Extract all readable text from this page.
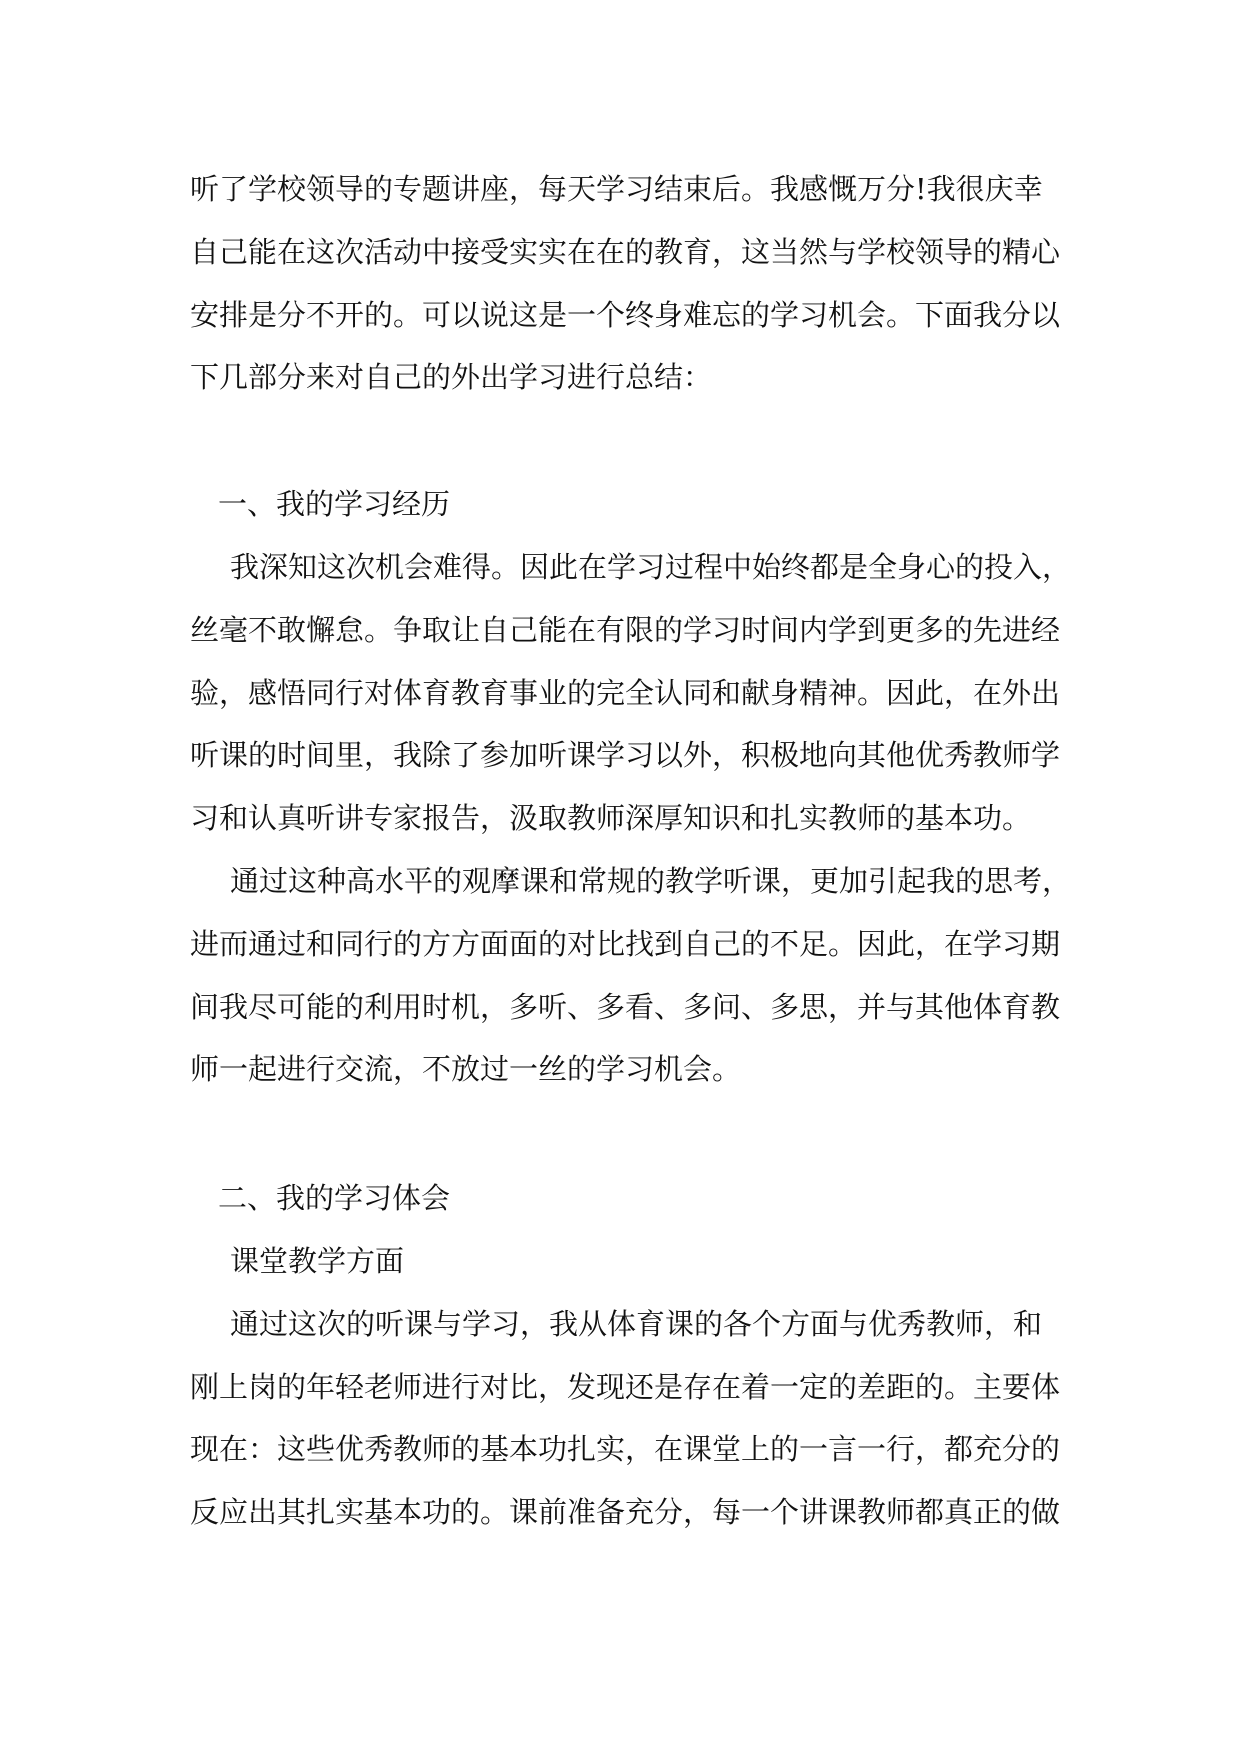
听了学校领导的专题讲座，每天学习结束后。我感慨万分!我很庆幸
自己能在这次活动中接受实实在在的教育，这当然与学校领导的精心
安排是分不开的。可以说这是一个终身难忘的学习机会。下面我分以
下几部分来对自己的外出学习进行总结：
一、我的学习经历
我深知这次机会难得。因此在学习过程中始终都是全身心的投入，
丝毫不敢懈怠。争取让自己能在有限的学习时间内学到更多的先进经
验，感悟同行对体育教育事业的完全认同和献身精神。因此，在外出
听课的时间里，我除了参加听课学习以外，积极地向其他优秀教师学
习和认真听讲专家报告，汲取教师深厚知识和扎实教师的基本功。
通过这种高水平的观摩课和常规的教学听课，更加引起我的思考，
进而通过和同行的方方面面的对比找到自己的不足。因此，在学习期
间我尽可能的利用时机，多听、多看、多问、多思，并与其他体育教
师一起进行交流，不放过一丝的学习机会。
二、我的学习体会
课堂教学方面
通过这次的听课与学习，我从体育课的各个方面与优秀教师，和
刚上岗的年轻老师进行对比，发现还是存在着一定的差距的。主要体
现在：这些优秀教师的基本功扎实，在课堂上的一言一行，都充分的
反应出其扎实基本功的。课前准备充分，每一个讲课教师都真正的做
